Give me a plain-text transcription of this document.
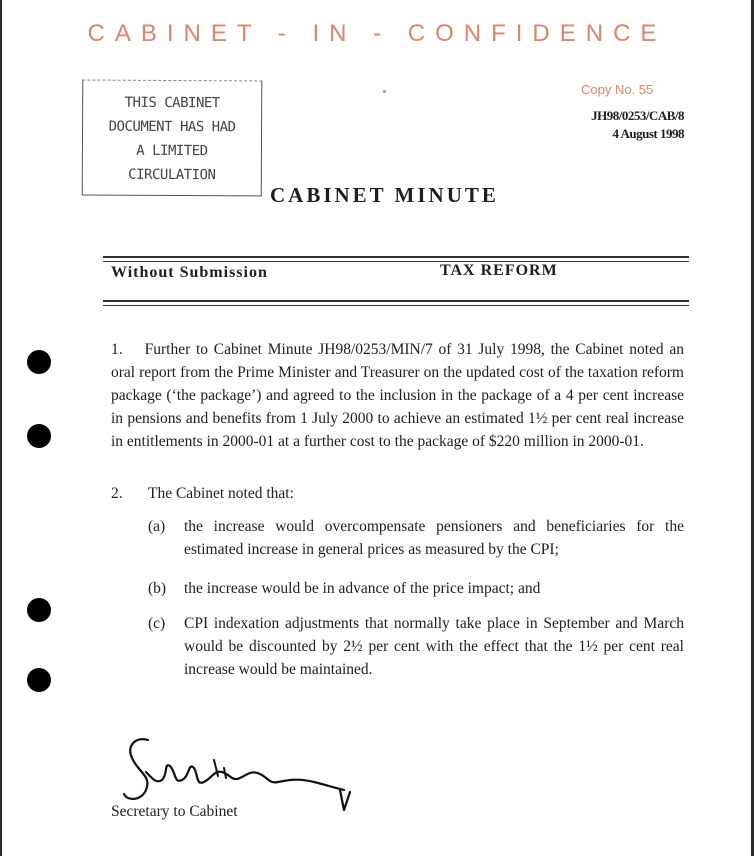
CABINET - IN - CONFIDENCE
Copy No. 55
JH98/0253/CAB/8
4 August 1998
THIS CABINET
DOCUMENT HAS HAD
A LIMITED
CIRCULATION
CABINET MINUTE
Without Submission	TAX REFORM
1. Further to Cabinet Minute JH98/0253/MIN/7 of 31 July 1998, the Cabinet noted an oral report from the Prime Minister and Treasurer on the updated cost of the taxation reform package (‘the package’) and agreed to the inclusion in the package of a 4 per cent increase in pensions and benefits from 1 July 2000 to achieve an estimated 1½ per cent real increase in entitlements in 2000-01 at a further cost to the package of $220 million in 2000-01.
2. The Cabinet noted that:
(a) the increase would overcompensate pensioners and beneficiaries for the estimated increase in general prices as measured by the CPI;
(b) the increase would be in advance of the price impact; and
(c) CPI indexation adjustments that normally take place in September and March would be discounted by 2½ per cent with the effect that the 1½ per cent real increase would be maintained.
Secretary to Cabinet
